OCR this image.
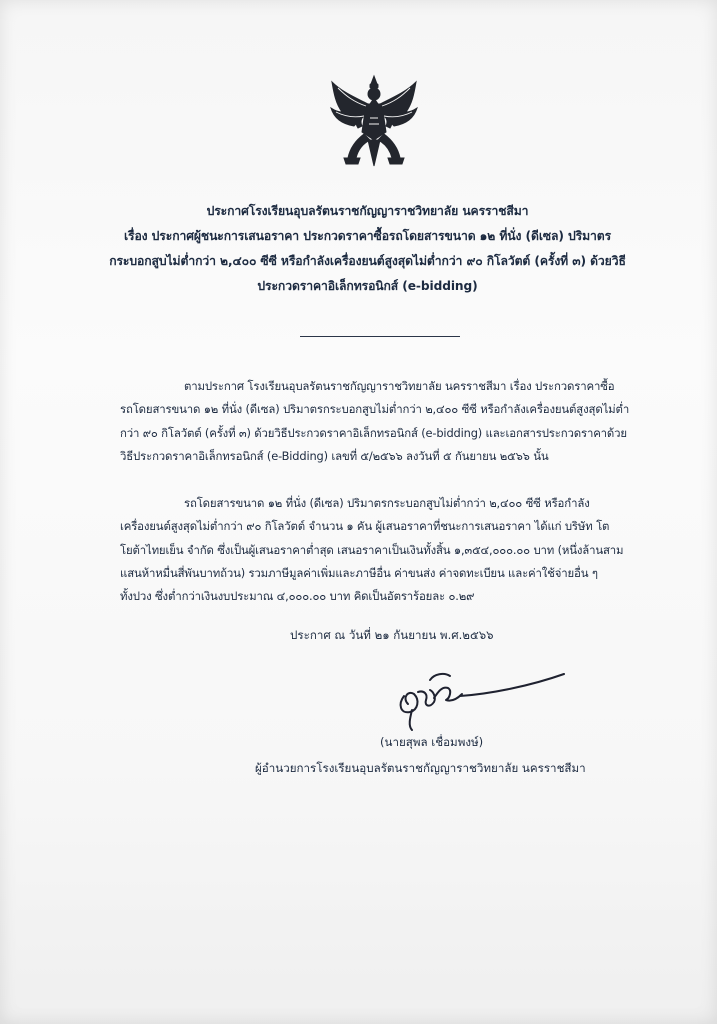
ประกาศโรงเรียนอุบลรัตนราชกัญญาราชวิทยาลัย นครราชสีมา
เรื่อง ประกาศผู้ชนะการเสนอราคา ประกวดราคาซื้อรถโดยสารขนาด ๑๒ ที่นั่ง (ดีเซล) ปริมาตร
กระบอกสูบไม่ต่ำกว่า ๒,๔๐๐ ซีซี หรือกำลังเครื่องยนต์สูงสุดไม่ต่ำกว่า ๙๐ กิโลวัตต์ (ครั้งที่ ๓) ด้วยวิธี
ประกวดราคาอิเล็กทรอนิกส์ (e-bidding)
ตามประกาศ โรงเรียนอุบลรัตนราชกัญญาราชวิทยาลัย นครราชสีมา เรื่อง ประกวดราคาซื้อ
รถโดยสารขนาด ๑๒ ที่นั่ง (ดีเซล) ปริมาตรกระบอกสูบไม่ต่ำกว่า ๒,๔๐๐ ซีซี หรือกำลังเครื่องยนต์สูงสุดไม่ต่ำ
กว่า ๙๐ กิโลวัตต์ (ครั้งที่ ๓) ด้วยวิธีประกวดราคาอิเล็กทรอนิกส์ (e-bidding) และเอกสารประกวดราคาด้วย
วิธีประกวดราคาอิเล็กทรอนิกส์ (e-Bidding) เลขที่ ๕/๒๕๖๖ ลงวันที่ ๕ กันยายน ๒๕๖๖ นั้น
รถโดยสารขนาด ๑๒ ที่นั่ง (ดีเซล) ปริมาตรกระบอกสูบไม่ต่ำกว่า ๒,๔๐๐ ซีซี หรือกำลัง
เครื่องยนต์สูงสุดไม่ต่ำกว่า ๙๐ กิโลวัตต์ จำนวน ๑ คัน ผู้เสนอราคาที่ชนะการเสนอราคา ได้แก่ บริษัท โต
โยต้าไทยเย็น จำกัด ซึ่งเป็นผู้เสนอราคาต่ำสุด เสนอราคาเป็นเงินทั้งสิ้น ๑,๓๕๔,๐๐๐.๐๐ บาท (หนึ่งล้านสาม
แสนห้าหมื่นสี่พันบาทถ้วน) รวมภาษีมูลค่าเพิ่มและภาษีอื่น ค่าขนส่ง ค่าจดทะเบียน และค่าใช้จ่ายอื่น ๆ
ทั้งปวง ซึ่งต่ำกว่าเงินงบประมาณ ๔,๐๐๐.๐๐ บาท คิดเป็นอัตราร้อยละ ๐.๒๙
ประกาศ ณ วันที่ ๒๑ กันยายน พ.ศ.๒๕๖๖
(นายสุพล เชื่อมพงษ์)
ผู้อำนวยการโรงเรียนอุบลรัตนราชกัญญาราชวิทยาลัย นครราชสีมา
